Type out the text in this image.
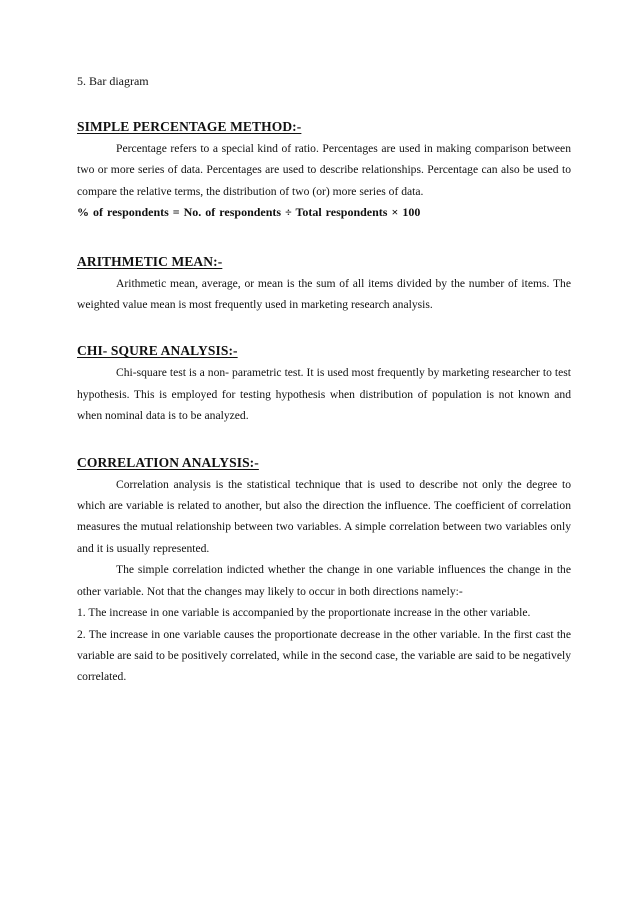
5. Bar diagram
SIMPLE PERCENTAGE METHOD:-

Percentage refers to a special kind of ratio. Percentages are used in making comparison between two or more series of data. Percentages are used to describe relationships. Percentage can also be used to compare the relative terms, the distribution of two (or) more series of data.

% of respondents = No. of respondents ÷ Total respondents × 100

ARITHMETIC MEAN:-

Arithmetic mean, average, or mean is the sum of all items divided by the number of items. The weighted value mean is most frequently used in marketing research analysis.

CHI- SQURE ANALYSIS:-

Chi-square test is a non- parametric test. It is used most frequently by marketing researcher to test hypothesis. This is employed for testing hypothesis when distribution of population is not known and when nominal data is to be analyzed.

CORRELATION ANALYSIS:-

Correlation analysis is the statistical technique that is used to describe not only the degree to which are variable is related to another, but also the direction the influence. The coefficient of correlation measures the mutual relationship between two variables. A simple correlation between two variables only and it is usually represented.

The simple correlation indicted whether the change in one variable influences the change in the other variable. Not that the changes may likely to occur in both directions namely:-

1. The increase in one variable is accompanied by the proportionate increase in the other variable.

2. The increase in one variable causes the proportionate decrease in the other variable. In the first cast the variable are said to be positively correlated, while in the second case, the variable are said to be negatively correlated.
